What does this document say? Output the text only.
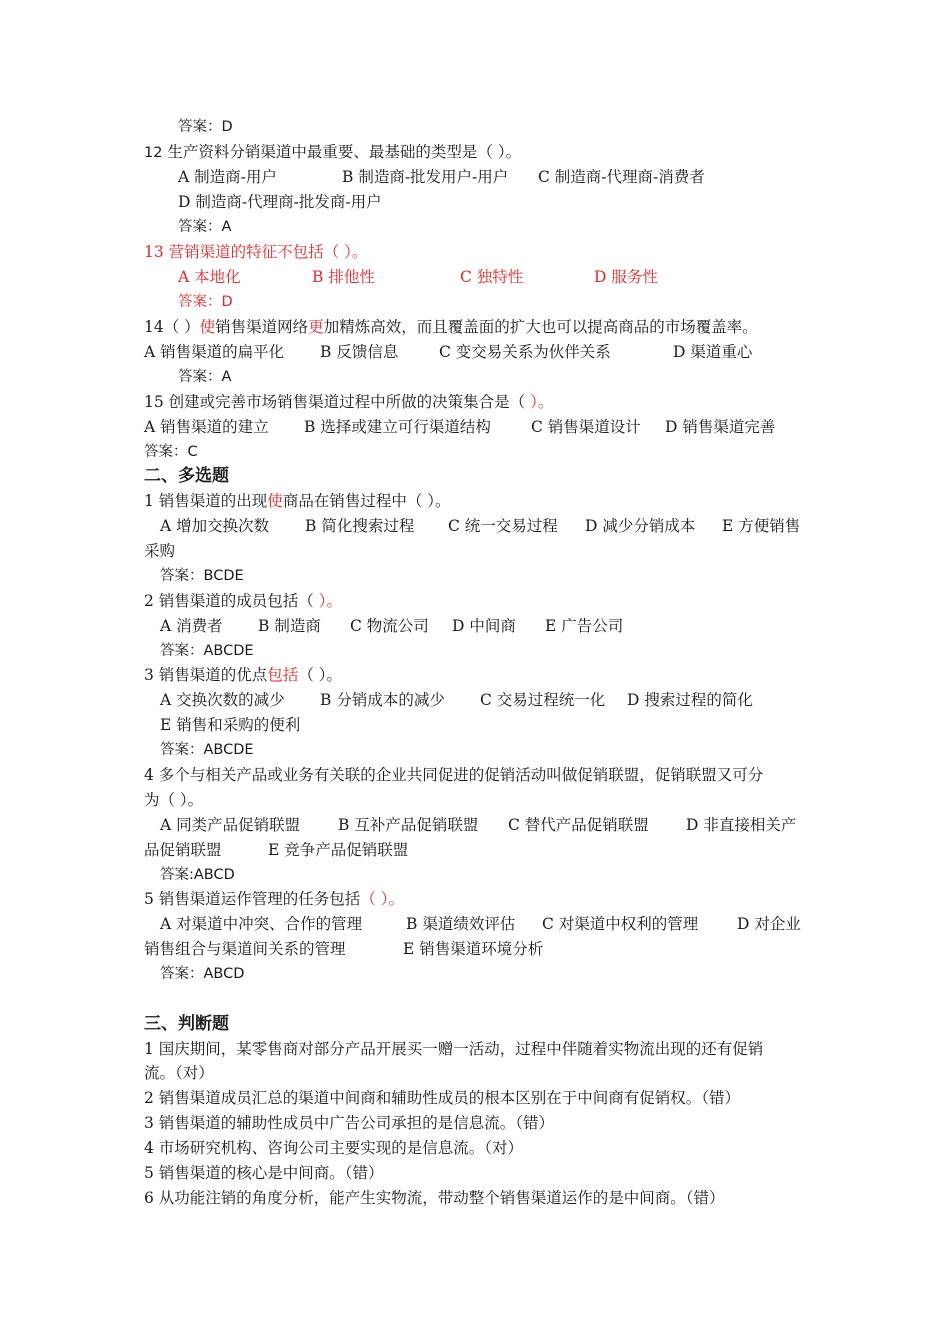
答案：D
12 生产资料分销渠道中最重要、最基础的类型是（ ）。
A 制造商-用户	B 制造商-批发用户-用户 C 制造商-代理商-消费者
D 制造商-代理商-批发商-用户
答案：A
13 营销渠道的特征不包括（ ）。
A 本地化	B 排他性	C 独特性	D 服务性
答案：D
14（ ）使销售渠道网络更加精炼高效，而且覆盖面的扩大也可以提高商品的市场覆盖率。
A 销售渠道的扁平化 B 反馈信息	C 变交易关系为伙伴关系	D 渠道重心
答案：A
15 创建或完善市场销售渠道过程中所做的决策集合是（ ）。
A 销售渠道的建立 B 选择或建立可行渠道结构	C 销售渠道设计 D 销售渠道完善
答案：C
二、多选题
1 销售渠道的出现使商品在销售过程中（ ）。
A 增加交换次数 B 简化搜索过程 C 统一交易过程 D 减少分销成本 E 方便销售
采购
答案：BCDE
2 销售渠道的成员包括（ ）。
A 消费者 B 制造商 C 物流公司 D 中间商 E 广告公司
答案：ABCDE
3 销售渠道的优点包括（ ）。
A 交换次数的减少 B 分销成本的减少 C 交易过程统一化 D 搜索过程的简化
E 销售和采购的便利
答案：ABCDE
4 多个与相关产品或业务有关联的企业共同促进的促销活动叫做促销联盟，促销联盟又可分
为（ ）。
A 同类产品促销联盟 B 互补产品促销联盟 C 替代产品促销联盟 D 非直接相关产
品促销联盟	E 竞争产品促销联盟
答案:ABCD
5 销售渠道运作管理的任务包括（ ）。
A 对渠道中冲突、合作的管理	B 渠道绩效评估 C 对渠道中权利的管理 D 对企业
销售组合与渠道间关系的管理	E 销售渠道环境分析
答案：ABCD
三、判断题
1 国庆期间，某零售商对部分产品开展买一赠一活动，过程中伴随着实物流出现的还有促销
流。（对）
2 销售渠道成员汇总的渠道中间商和辅助性成员的根本区别在于中间商有促销权。（错）
3 销售渠道的辅助性成员中广告公司承担的是信息流。（错）
4 市场研究机构、咨询公司主要实现的是信息流。（对）
5 销售渠道的核心是中间商。（错）
6 从功能注销的角度分析，能产生实物流，带动整个销售渠道运作的是中间商。（错）
